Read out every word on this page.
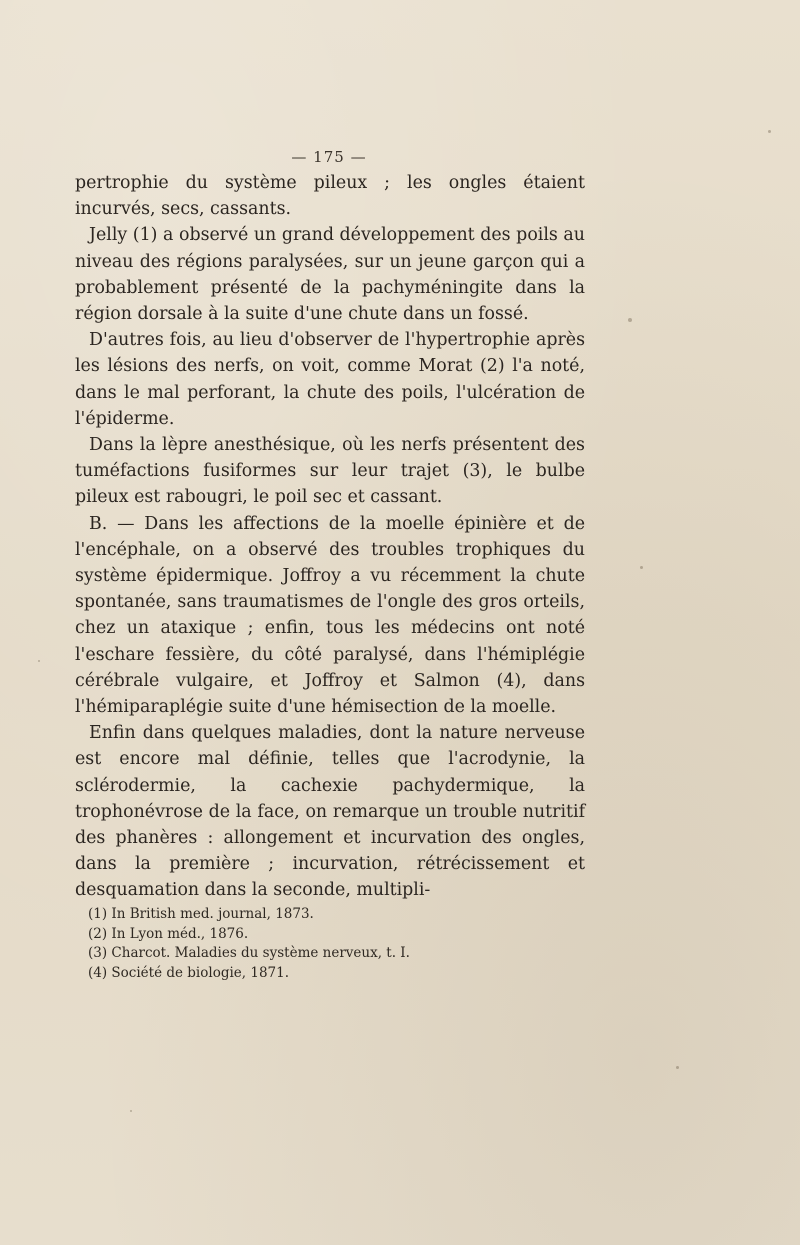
— 175 —

pertrophie du système pileux ; les ongles étaient incurvés, secs, cassants.

Jelly (1) a observé un grand développement des poils au niveau des régions paralysées, sur un jeune garçon qui a probablement présenté de la pachyméningite dans la région dorsale à la suite d'une chute dans un fossé.

D'autres fois, au lieu d'observer de l'hypertrophie après les lésions des nerfs, on voit, comme Morat (2) l'a noté, dans le mal perforant, la chute des poils, l'ulcération de l'épiderme.

Dans la lèpre anesthésique, où les nerfs présentent des tuméfactions fusiformes sur leur trajet (3), le bulbe pileux est rabougri, le poil sec et cassant.

B. — Dans les affections de la moelle épinière et de l'encéphale, on a observé des troubles trophiques du système épidermique. Joffroy a vu récemment la chute spontanée, sans traumatismes de l'ongle des gros orteils, chez un ataxique ; enfin, tous les médecins ont noté l'eschare fessière, du côté paralysé, dans l'hémiplégie cérébrale vulgaire, et Joffroy et Salmon (4), dans l'hémiparaplégie suite d'une hémisection de la moelle.

Enfin dans quelques maladies, dont la nature nerveuse est encore mal définie, telles que l'acrodynie, la sclérodermie, la cachexie pachydermique, la trophonévrose de la face, on remarque un trouble nutritif des phanères : allongement et incurvation des ongles, dans la première ; incurvation, rétrécissement et desquamation dans la seconde, multipli-

(1) In British med. journal, 1873.
(2) In Lyon méd., 1876.
(3) Charcot. Maladies du système nerveux, t. I.
(4) Société de biologie, 1871.
